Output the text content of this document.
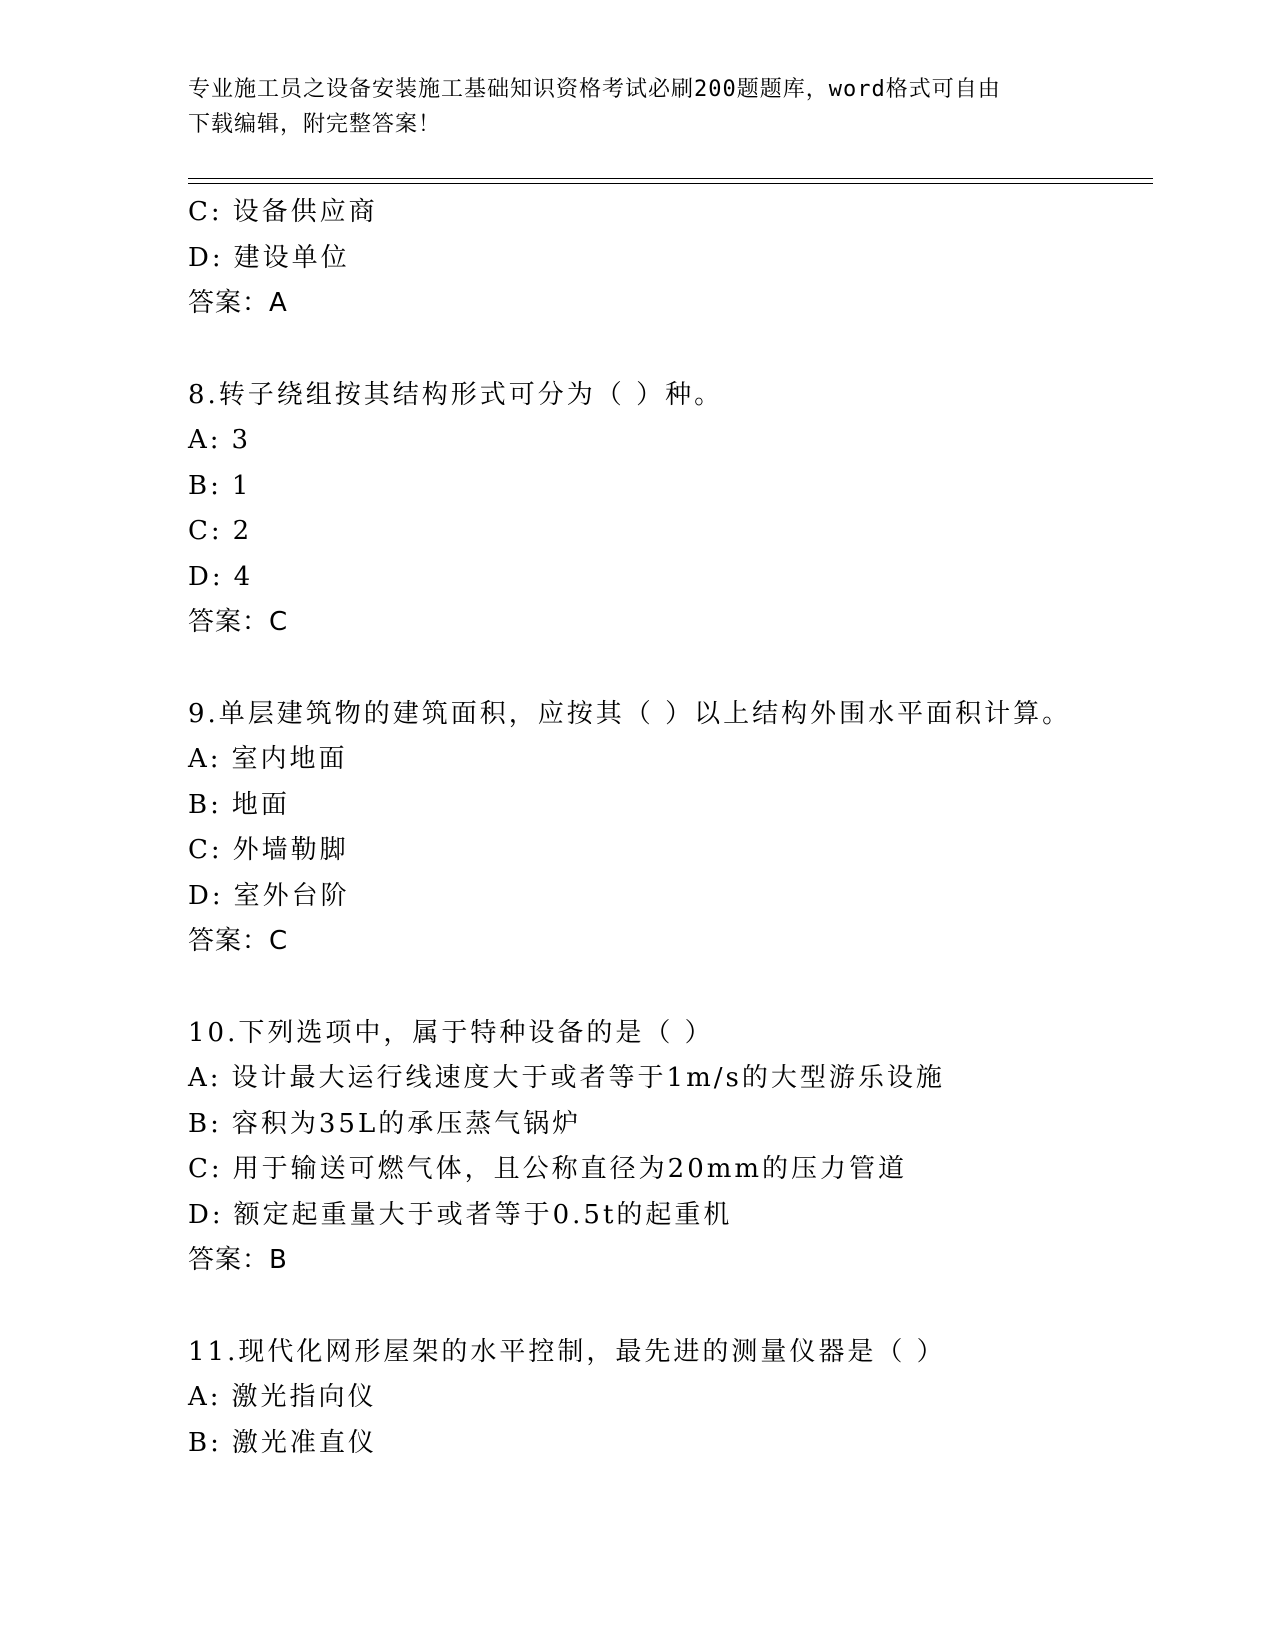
专业施工员之设备安装施工基础知识资格考试必刷200题题库，word格式可自由
下载编辑，附完整答案！
C: 设备供应商
D: 建设单位
答案：A
8.转子绕组按其结构形式可分为（ ）种。
A: 3
B: 1
C: 2
D: 4
答案：C
9.单层建筑物的建筑面积，应按其（ ）以上结构外围水平面积计算。
A: 室内地面
B: 地面
C: 外墙勒脚
D: 室外台阶
答案：C
10.下列选项中，属于特种设备的是（ ）
A: 设计最大运行线速度大于或者等于1m/s的大型游乐设施
B: 容积为35L的承压蒸气锅炉
C: 用于输送可燃气体，且公称直径为20mm的压力管道
D: 额定起重量大于或者等于0.5t的起重机
答案：B
11.现代化网形屋架的水平控制，最先进的测量仪器是（ ）
A: 激光指向仪
B: 激光准直仪
